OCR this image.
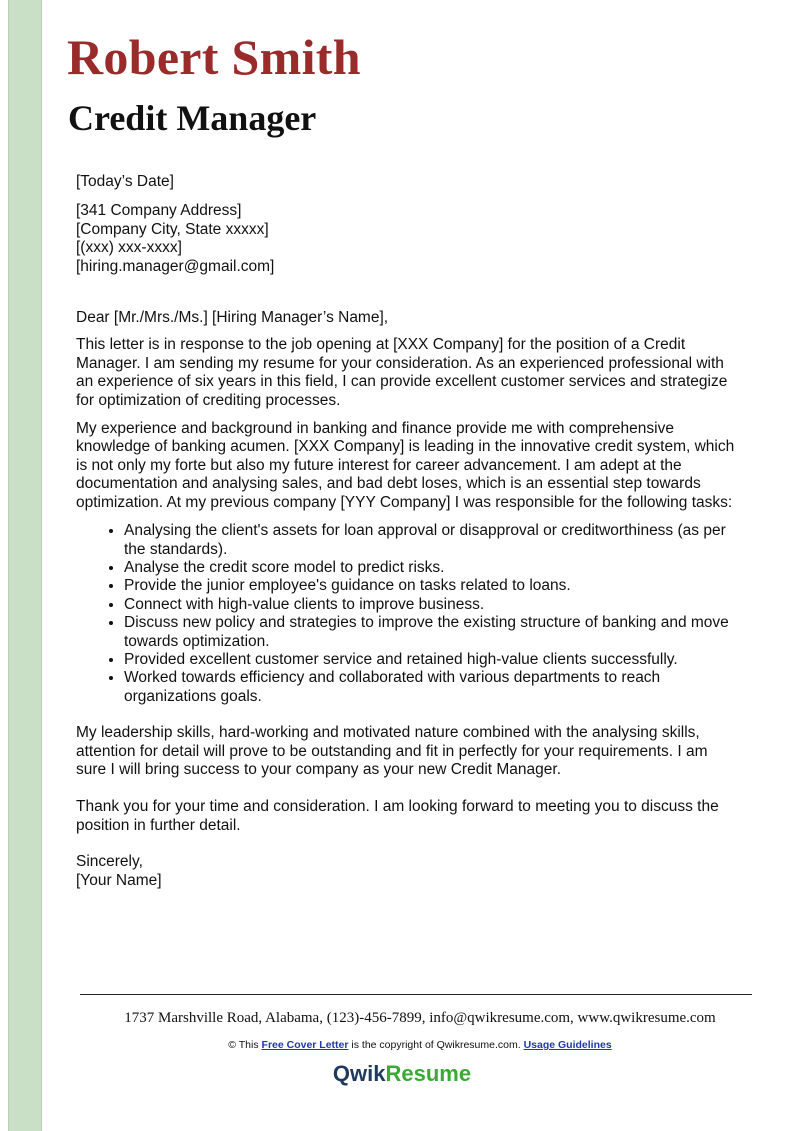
Robert Smith
Credit Manager

[Today’s Date]

[341 Company Address]

[Company City, State xxxxx]

[(xxx) xxx-xxxx]

[hiring.manager@gmail.com]

Dear [Mr./Mrs./Ms.] [Hiring Manager’s Name],

This letter is in response to the job opening at [XXX Company] for the position of a Credit Manager. I am sending my resume for your consideration. As an experienced professional with an experience of six years in this field, I can provide excellent customer services and strategize for optimization of crediting processes.

My experience and background in banking and finance provide me with comprehensive knowledge of banking acumen. [XXX Company] is leading in the innovative credit system, which is not only my forte but also my future interest for career advancement. I am adept at the documentation and analysing sales, and bad debt loses, which is an essential step towards optimization. At my previous company [YYY Company] I was responsible for the following tasks:

• Analysing the client's assets for loan approval or disapproval or creditworthiness (as per the standards).
• Analyse the credit score model to predict risks.
• Provide the junior employee's guidance on tasks related to loans.
• Connect with high-value clients to improve business.
• Discuss new policy and strategies to improve the existing structure of banking and move towards optimization.
• Provided excellent customer service and retained high-value clients successfully.
• Worked towards efficiency and collaborated with various departments to reach organizations goals.

My leadership skills, hard-working and motivated nature combined with the analysing skills, attention for detail will prove to be outstanding and fit in perfectly for your requirements. I am sure I will bring success to your company as your new Credit Manager.

Thank you for your time and consideration. I am looking forward to meeting you to discuss the position in further detail.

Sincerely,

[Your Name]

1737 Marshville Road, Alabama, (123)-456-7899, info@qwikresume.com, www.qwikresume.com
© This Free Cover Letter is the copyright of Qwikresume.com. Usage Guidelines
QwikResume
